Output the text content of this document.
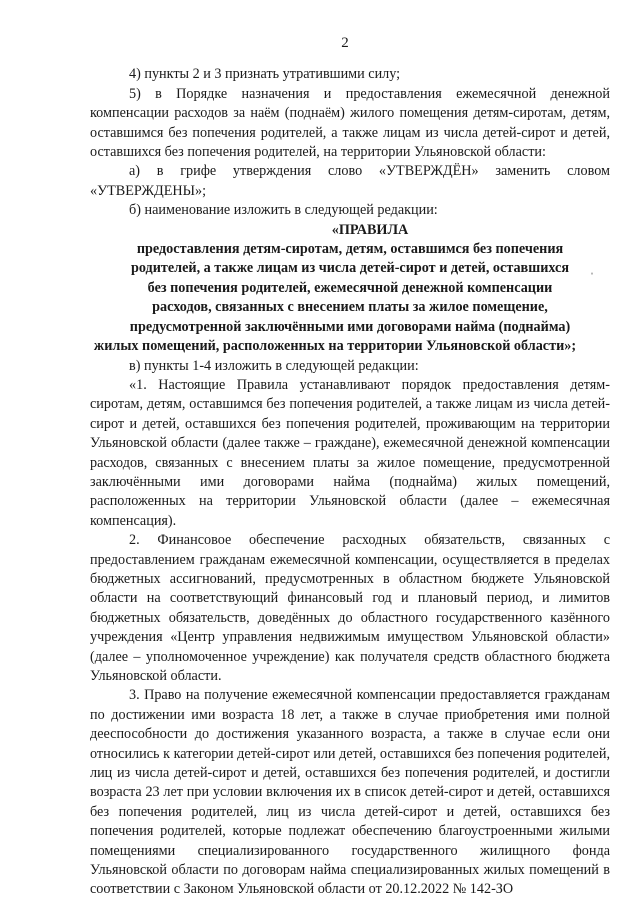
2

4) пункты 2 и 3 признать утратившими силу;

5) в Порядке назначения и предоставления ежемесячной денежной компенсации расходов за наём (поднаём) жилого помещения детям-сиротам, детям, оставшимся без попечения родителей, а также лицам из числа детей-сирот и детей, оставшихся без попечения родителей, на территории Ульяновской области:

а) в грифе утверждения слово «УТВЕРЖДЁН» заменить словом «УТВЕРЖДЕНЫ»;

б) наименование изложить в следующей редакции:

«ПРАВИЛА

предоставления детям-сиротам, детям, оставшимся без попечения
родителей, а также лицам из числа детей-сирот и детей, оставшихся
без попечения родителей, ежемесячной денежной компенсации
расходов, связанных с внесением платы за жилое помещение,
предусмотренной заключёнными ими договорами найма (поднайма)
жилых помещений, расположенных на территории Ульяновской области»;

в) пункты 1-4 изложить в следующей редакции:

«1. Настоящие Правила устанавливают порядок предоставления детям-сиротам, детям, оставшимся без попечения родителей, а также лицам из числа детей-сирот и детей, оставшихся без попечения родителей, проживающим на территории Ульяновской области (далее также – граждане), ежемесячной денежной компенсации расходов, связанных с внесением платы за жилое помещение, предусмотренной заключёнными ими договорами найма (поднайма) жилых помещений, расположенных на территории Ульяновской области (далее – ежемесячная компенсация).

2. Финансовое обеспечение расходных обязательств, связанных с предоставлением гражданам ежемесячной компенсации, осуществляется в пределах бюджетных ассигнований, предусмотренных в областном бюджете Ульяновской области на соответствующий финансовый год и плановый период, и лимитов бюджетных обязательств, доведённых до областного государственного казённого учреждения «Центр управления недвижимым имуществом Ульяновской области» (далее – уполномоченное учреждение) как получателя средств областного бюджета Ульяновской области.

3. Право на получение ежемесячной компенсации предоставляется гражданам по достижении ими возраста 18 лет, а также в случае приобретения ими полной дееспособности до достижения указанного возраста, а также в случае если они относились к категории детей-сирот или детей, оставшихся без попечения родителей, лиц из числа детей-сирот и детей, оставшихся без попечения родителей, и достигли возраста 23 лет при условии включения их в список детей-сирот и детей, оставшихся без попечения родителей, лиц из числа детей-сирот и детей, оставшихся без попечения родителей, которые подлежат обеспечению благоустроенными жилыми помещениями специализированного государственного жилищного фонда Ульяновской области по договорам найма специализированных жилых помещений в соответствии с Законом Ульяновской области от 20.12.2022 № 142-ЗО

ˌ
